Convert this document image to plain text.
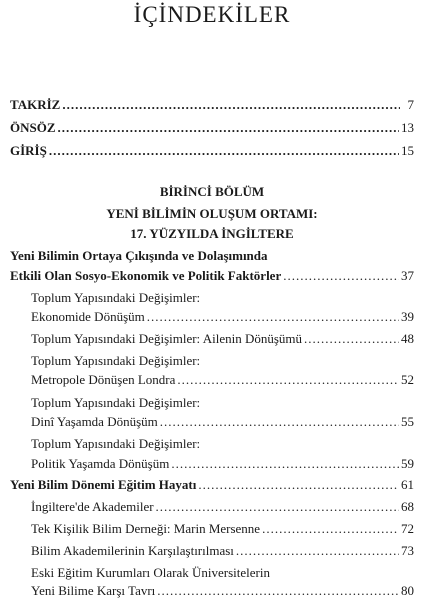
İÇİNDEKİLER
TAKRİZ .....	7
ÖNSÖZ .....	13
GİRİŞ .....	15
BİRİNCİ BÖLÜM
YENİ BİLİMİN OLUŞUM ORTAMI:
17. YÜZYILDA İNGİLTERE
Yeni Bilimin Ortaya Çıkışında ve Dolaşımında
Etkili Olan Sosyo-Ekonomik ve Politik Faktörler .....	37
Toplum Yapısındaki Değişimler:
Ekonomide Dönüşüm .....	39
Toplum Yapısındaki Değişimler: Ailenin Dönüşümü .....	48
Toplum Yapısındaki Değişimler:
Metropole Dönüşen Londra .....	52
Toplum Yapısındaki Değişimler:
Dinî Yaşamda Dönüşüm .....	55
Toplum Yapısındaki Değişimler:
Politik Yaşamda Dönüşüm .....	59
Yeni Bilim Dönemi Eğitim Hayatı .....	61
İngiltere'de Akademiler .....	68
Tek Kişilik Bilim Derneği: Marin Mersenne .....	72
Bilim Akademilerinin Karşılaştırılması .....	73
Eski Eğitim Kurumları Olarak Üniversitelerin
Yeni Bilime Karşı Tavrı .....	80
